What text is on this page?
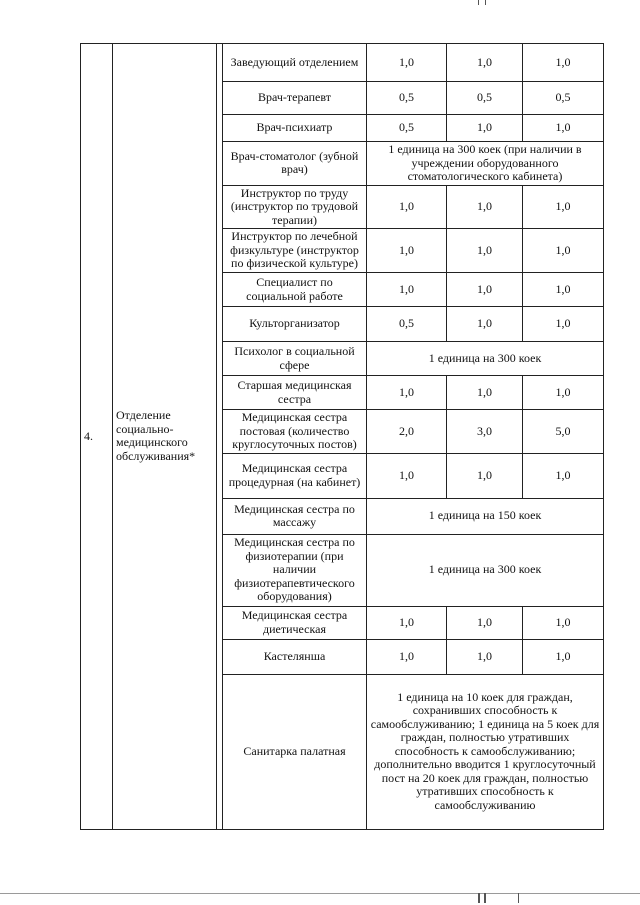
4.	Отделение
социально-
медицинского
обслуживания*		Заведующий отделением	1,0	1,0	1,0
			Врач-терапевт	0,5	0,5	0,5
			Врач-психиатр	0,5	1,0	1,0
			Врач-стоматолог (зубной врач)	1 единица на 300 коек (при наличии в учреждении оборудованного стоматологического кабинета)		
			Инструктор по труду (инструктор по трудовой терапии)	1,0	1,0	1,0
			Инструктор по лечебной физкультуре (инструктор по физической культуре)	1,0	1,0	1,0
			Специалист по социальной работе	1,0	1,0	1,0
			Культорганизатор	0,5	1,0	1,0
			Психолог в социальной сфере	1 единица на 300 коек		
			Старшая медицинская сестра	1,0	1,0	1,0
			Медицинская сестра постовая (количество круглосуточных постов)	2,0	3,0	5,0
			Медицинская сестра процедурная (на кабинет)	1,0	1,0	1,0
			Медицинская сестра по массажу	1 единица на 150 коек		
			Медицинская сестра по физиотерапии (при наличии физиотерапевтического оборудования)	1 единица на 300 коек		
			Медицинская сестра диетическая	1,0	1,0	1,0
			Кастелянша	1,0	1,0	1,0
			Санитарка палатная	1 единица на 10 коек для граждан, сохранивших способность к самообслуживанию; 1 единица на 5 коек для граждан, полностью утративших способность к самообслуживанию; дополнительно вводится 1 круглосуточный пост на 20 коек для граждан, полностью утративших способность к самообслуживанию		
